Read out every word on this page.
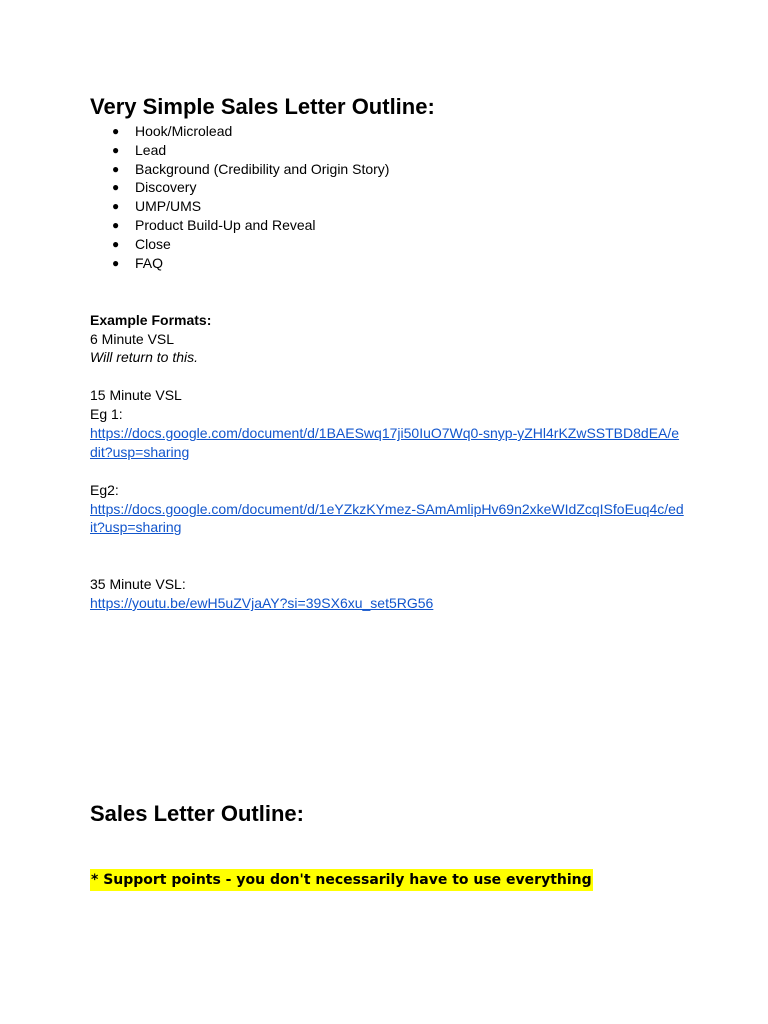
Very Simple Sales Letter Outline:
● Hook/Microlead
● Lead
● Background (Credibility and Origin Story)
● Discovery
● UMP/UMS
● Product Build-Up and Reveal
● Close
● FAQ
Example Formats:
6 Minute VSL
Will return to this.
15 Minute VSL
Eg 1:
https://docs.google.com/document/d/1BAESwq17ji50IuO7Wq0-snyp-yZHl4rKZwSSTBD8dEA/e
dit?usp=sharing
Eg2:
https://docs.google.com/document/d/1eYZkzKYmez-SAmAmlipHv69n2xkeWIdZcqISfoEuq4c/ed
it?usp=sharing
35 Minute VSL:
https://youtu.be/ewH5uZVjaAY?si=39SX6xu_set5RG56
Sales Letter Outline:
* Support points - you don't necessarily have to use everything
